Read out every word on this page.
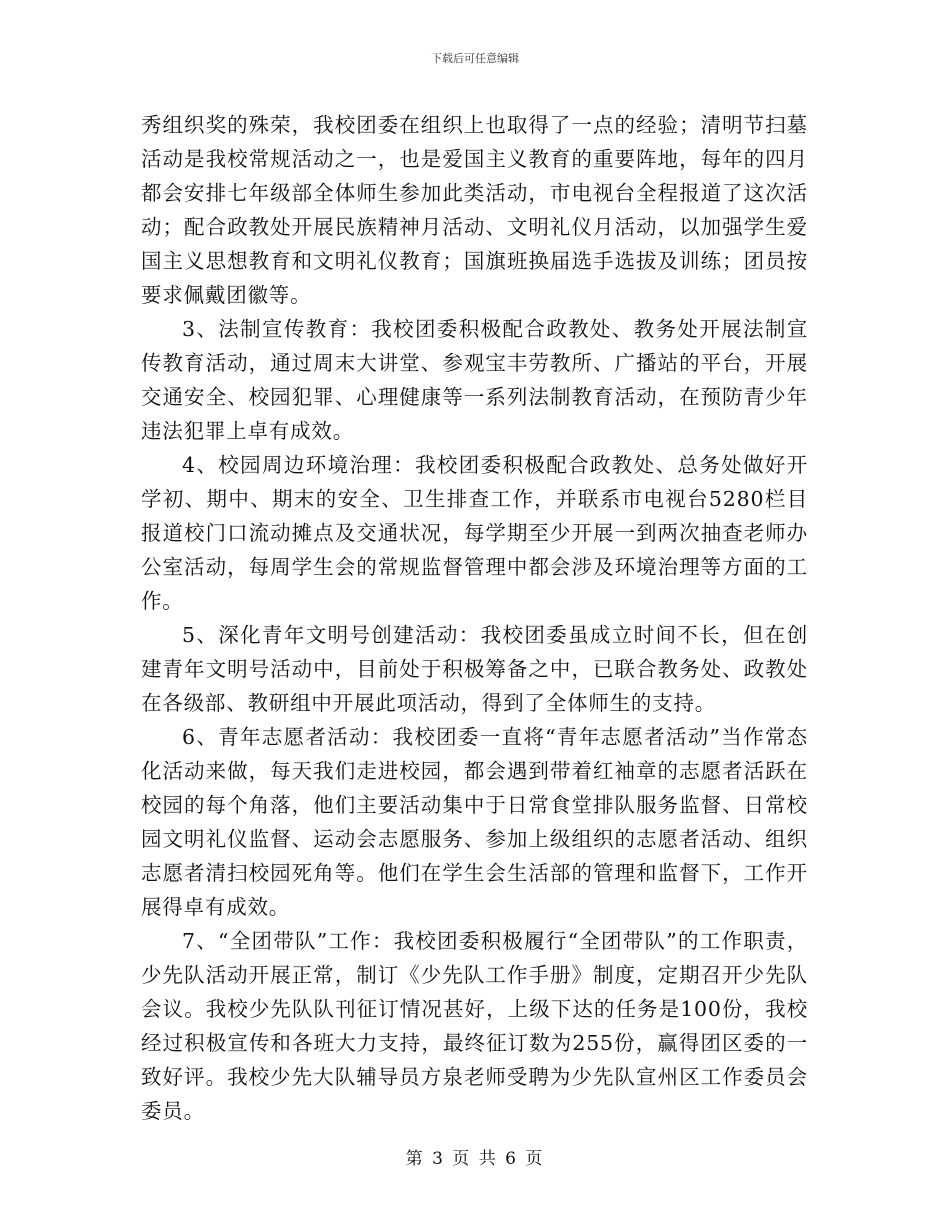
下载后可任意编辑

秀组织奖的殊荣，我校团委在组织上也取得了一点的经验；清明节扫墓活动是我校常规活动之一，也是爱国主义教育的重要阵地，每年的四月都会安排七年级部全体师生参加此类活动，市电视台全程报道了这次活动；配合政教处开展民族精神月活动、文明礼仪月活动，以加强学生爱国主义思想教育和文明礼仪教育；国旗班换届选手选拔及训练；团员按要求佩戴团徽等。

3、法制宣传教育：我校团委积极配合政教处、教务处开展法制宣传教育活动，通过周末大讲堂、参观宝丰劳教所、广播站的平台，开展交通安全、校园犯罪、心理健康等一系列法制教育活动，在预防青少年违法犯罪上卓有成效。

4、校园周边环境治理：我校团委积极配合政教处、总务处做好开学初、期中、期末的安全、卫生排查工作，并联系市电视台5280栏目报道校门口流动摊点及交通状况，每学期至少开展一到两次抽查老师办公室活动，每周学生会的常规监督管理中都会涉及环境治理等方面的工作。

5、深化青年文明号创建活动：我校团委虽成立时间不长，但在创建青年文明号活动中，目前处于积极筹备之中，已联合教务处、政教处在各级部、教研组中开展此项活动，得到了全体师生的支持。

6、青年志愿者活动：我校团委一直将“青年志愿者活动”当作常态化活动来做，每天我们走进校园，都会遇到带着红袖章的志愿者活跃在校园的每个角落，他们主要活动集中于日常食堂排队服务监督、日常校园文明礼仪监督、运动会志愿服务、参加上级组织的志愿者活动、组织志愿者清扫校园死角等。他们在学生会生活部的管理和监督下，工作开展得卓有成效。

7、“全团带队”工作：我校团委积极履行“全团带队”的工作职责，少先队活动开展正常，制订《少先队工作手册》制度，定期召开少先队会议。我校少先队队刊征订情况甚好，上级下达的任务是100份，我校经过积极宣传和各班大力支持，最终征订数为255份，赢得团区委的一致好评。我校少先大队辅导员方泉老师受聘为少先队宣州区工作委员会委员。

第 3 页 共 6 页
